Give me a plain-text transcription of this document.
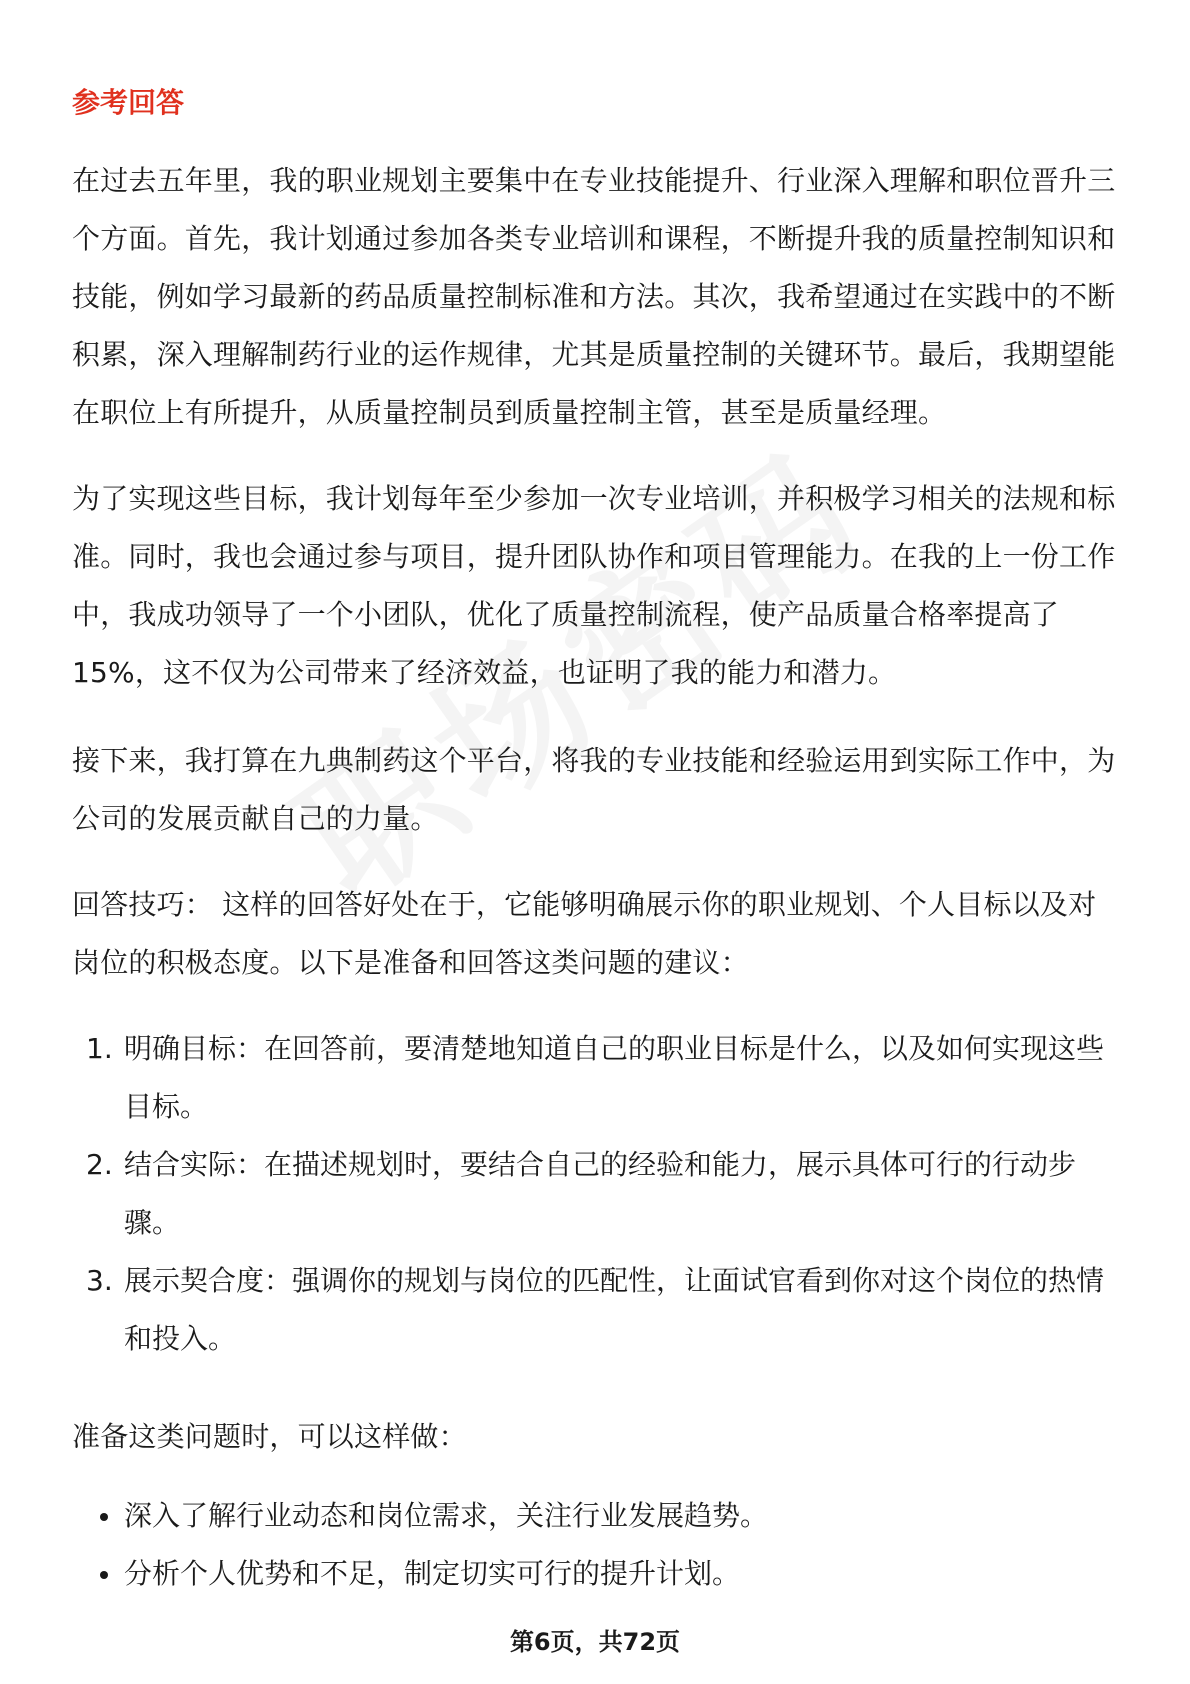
参考回答

在过去五年里，我的职业规划主要集中在专业技能提升、行业深入理解和职位晋升三个方面。首先，我计划通过参加各类专业培训和课程，不断提升我的质量控制知识和技能，例如学习最新的药品质量控制标准和方法。其次，我希望通过在实践中的不断积累，深入理解制药行业的运作规律，尤其是质量控制的关键环节。最后，我期望能在职位上有所提升，从质量控制员到质量控制主管，甚至是质量经理。

为了实现这些目标，我计划每年至少参加一次专业培训，并积极学习相关的法规和标准。同时，我也会通过参与项目，提升团队协作和项目管理能力。在我的上一份工作中，我成功领导了一个小团队，优化了质量控制流程，使产品质量合格率提高了15%，这不仅为公司带来了经济效益，也证明了我的能力和潜力。

接下来，我打算在九典制药这个平台，将我的专业技能和经验运用到实际工作中，为公司的发展贡献自己的力量。

回答技巧： 这样的回答好处在于，它能够明确展示你的职业规划、个人目标以及对岗位的积极态度。以下是准备和回答这类问题的建议：

1. 明确目标：在回答前，要清楚地知道自己的职业目标是什么，以及如何实现这些目标。
2. 结合实际：在描述规划时，要结合自己的经验和能力，展示具体可行的行动步骤。
3. 展示契合度：强调你的规划与岗位的匹配性，让面试官看到你对这个岗位的热情和投入。

准备这类问题时，可以这样做：

深入了解行业动态和岗位需求，关注行业发展趋势。
分析个人优势和不足，制定切实可行的提升计划。
第6页，共72页
